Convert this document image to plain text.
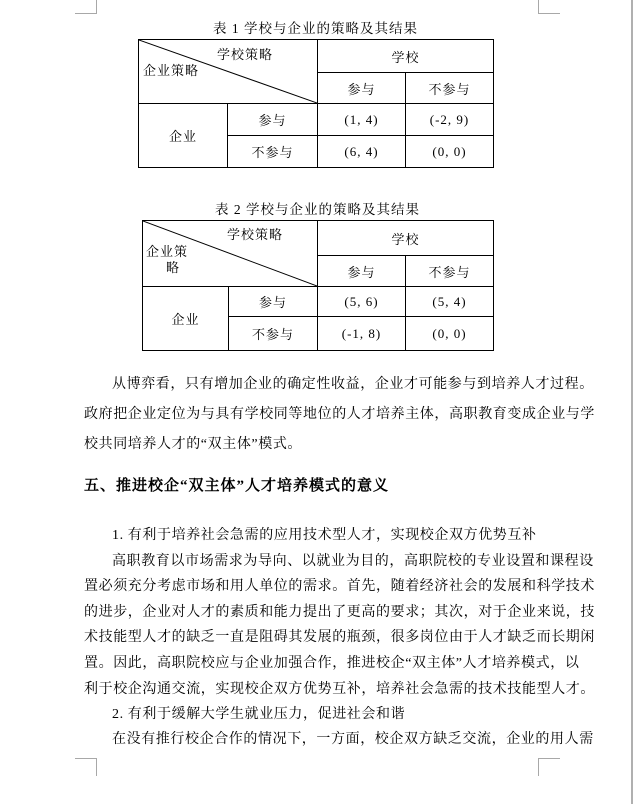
表 1 学校与企业的策略及其结果
学校策略
企业策略		学校	
		参与	不参与
企业	参与	(1, 4)	(-2, 9)
	不参与	(6, 4)	(0, 0)
表 2 学校与企业的策略及其结果
学校策略
企业策
略		学校	
		参与	不参与
企业	参与	(5, 6)	(5, 4)
	不参与	(-1, 8)	(0, 0)
从博弈看，只有增加企业的确定性收益，企业才可能参与到培养人才过程。
政府把企业定位为与具有学校同等地位的人才培养主体，高职教育变成企业与学
校共同培养人才的“双主体”模式。
五、推进校企“双主体”人才培养模式的意义
1. 有利于培养社会急需的应用技术型人才，实现校企双方优势互补
高职教育以市场需求为导向、以就业为目的，高职院校的专业设置和课程设
置必须充分考虑市场和用人单位的需求。首先，随着经济社会的发展和科学技术
的进步，企业对人才的素质和能力提出了更高的要求；其次，对于企业来说，技
术技能型人才的缺乏一直是阻碍其发展的瓶颈，很多岗位由于人才缺乏而长期闲
置。因此，高职院校应与企业加强合作，推进校企“双主体”人才培养模式，以
利于校企沟通交流，实现校企双方优势互补，培养社会急需的技术技能型人才。
2. 有利于缓解大学生就业压力，促进社会和谐
在没有推行校企合作的情况下，一方面，校企双方缺乏交流，企业的用人需
